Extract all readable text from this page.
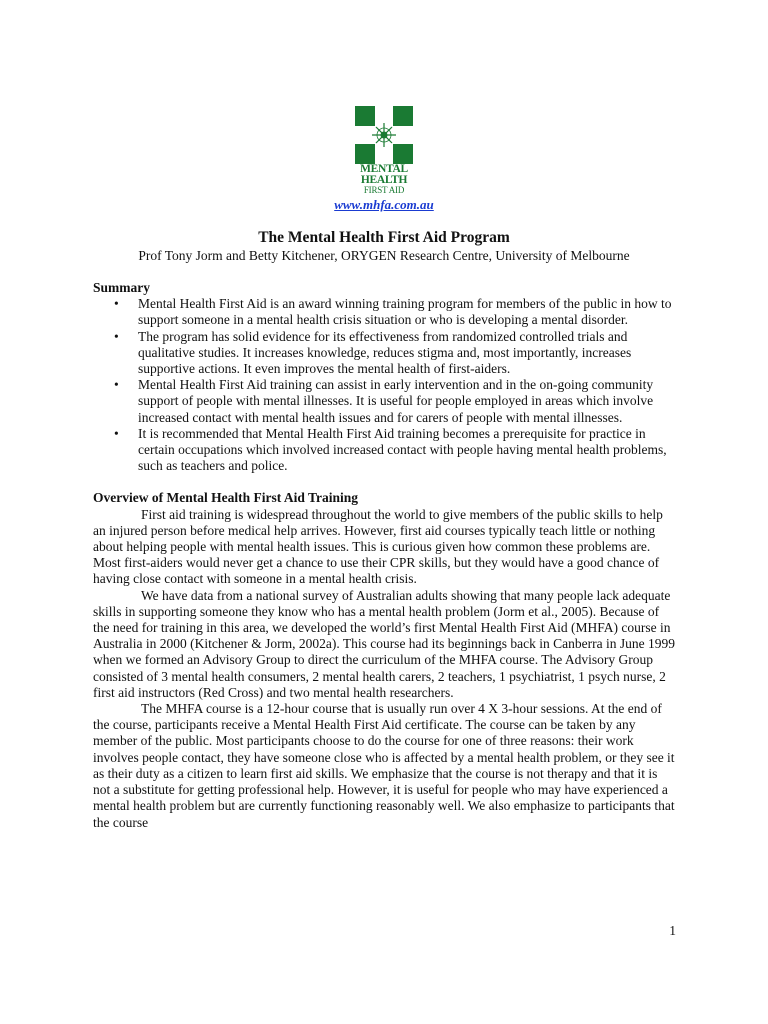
MENTAL
HEALTH
FIRST AID
www.mhfa.com.au
The Mental Health First Aid Program
Prof Tony Jorm and Betty Kitchener, ORYGEN Research Centre, University of Melbourne
Summary
• Mental Health First Aid is an award winning training program for members of the public in how to support someone in a mental health crisis situation or who is developing a mental disorder.
• The program has solid evidence for its effectiveness from randomized controlled trials and qualitative studies. It increases knowledge, reduces stigma and, most importantly, increases supportive actions. It even improves the mental health of first-aiders.
• Mental Health First Aid training can assist in early intervention and in the on-going community support of people with mental illnesses. It is useful for people employed in areas which involve increased contact with mental health issues and for carers of people with mental illnesses.
• It is recommended that Mental Health First Aid training becomes a prerequisite for practice in certain occupations which involved increased contact with people having mental health problems, such as teachers and police.
Overview of Mental Health First Aid Training

First aid training is widespread throughout the world to give members of the public skills to help an injured person before medical help arrives. However, first aid courses typically teach little or nothing about helping people with mental health issues. This is curious given how common these problems are. Most first-aiders would never get a chance to use their CPR skills, but they would have a good chance of having close contact with someone in a mental health crisis.

We have data from a national survey of Australian adults showing that many people lack adequate skills in supporting someone they know who has a mental health problem (Jorm et al., 2005). Because of the need for training in this area, we developed the world’s first Mental Health First Aid (MHFA) course in Australia in 2000 (Kitchener & Jorm, 2002a). This course had its beginnings back in Canberra in June 1999 when we formed an Advisory Group to direct the curriculum of the MHFA course. The Advisory Group consisted of 3 mental health consumers, 2 mental health carers, 2 teachers, 1 psychiatrist, 1 psych nurse, 2 first aid instructors (Red Cross) and two mental health researchers.

The MHFA course is a 12-hour course that is usually run over 4 X 3-hour sessions. At the end of the course, participants receive a Mental Health First Aid certificate. The course can be taken by any member of the public. Most participants choose to do the course for one of three reasons: their work involves people contact, they have someone close who is affected by a mental health problem, or they see it as their duty as a citizen to learn first aid skills. We emphasize that the course is not therapy and that it is not a substitute for getting professional help. However, it is useful for people who may have experienced a mental health problem but are currently functioning reasonably well. We also emphasize to participants that the course

1
